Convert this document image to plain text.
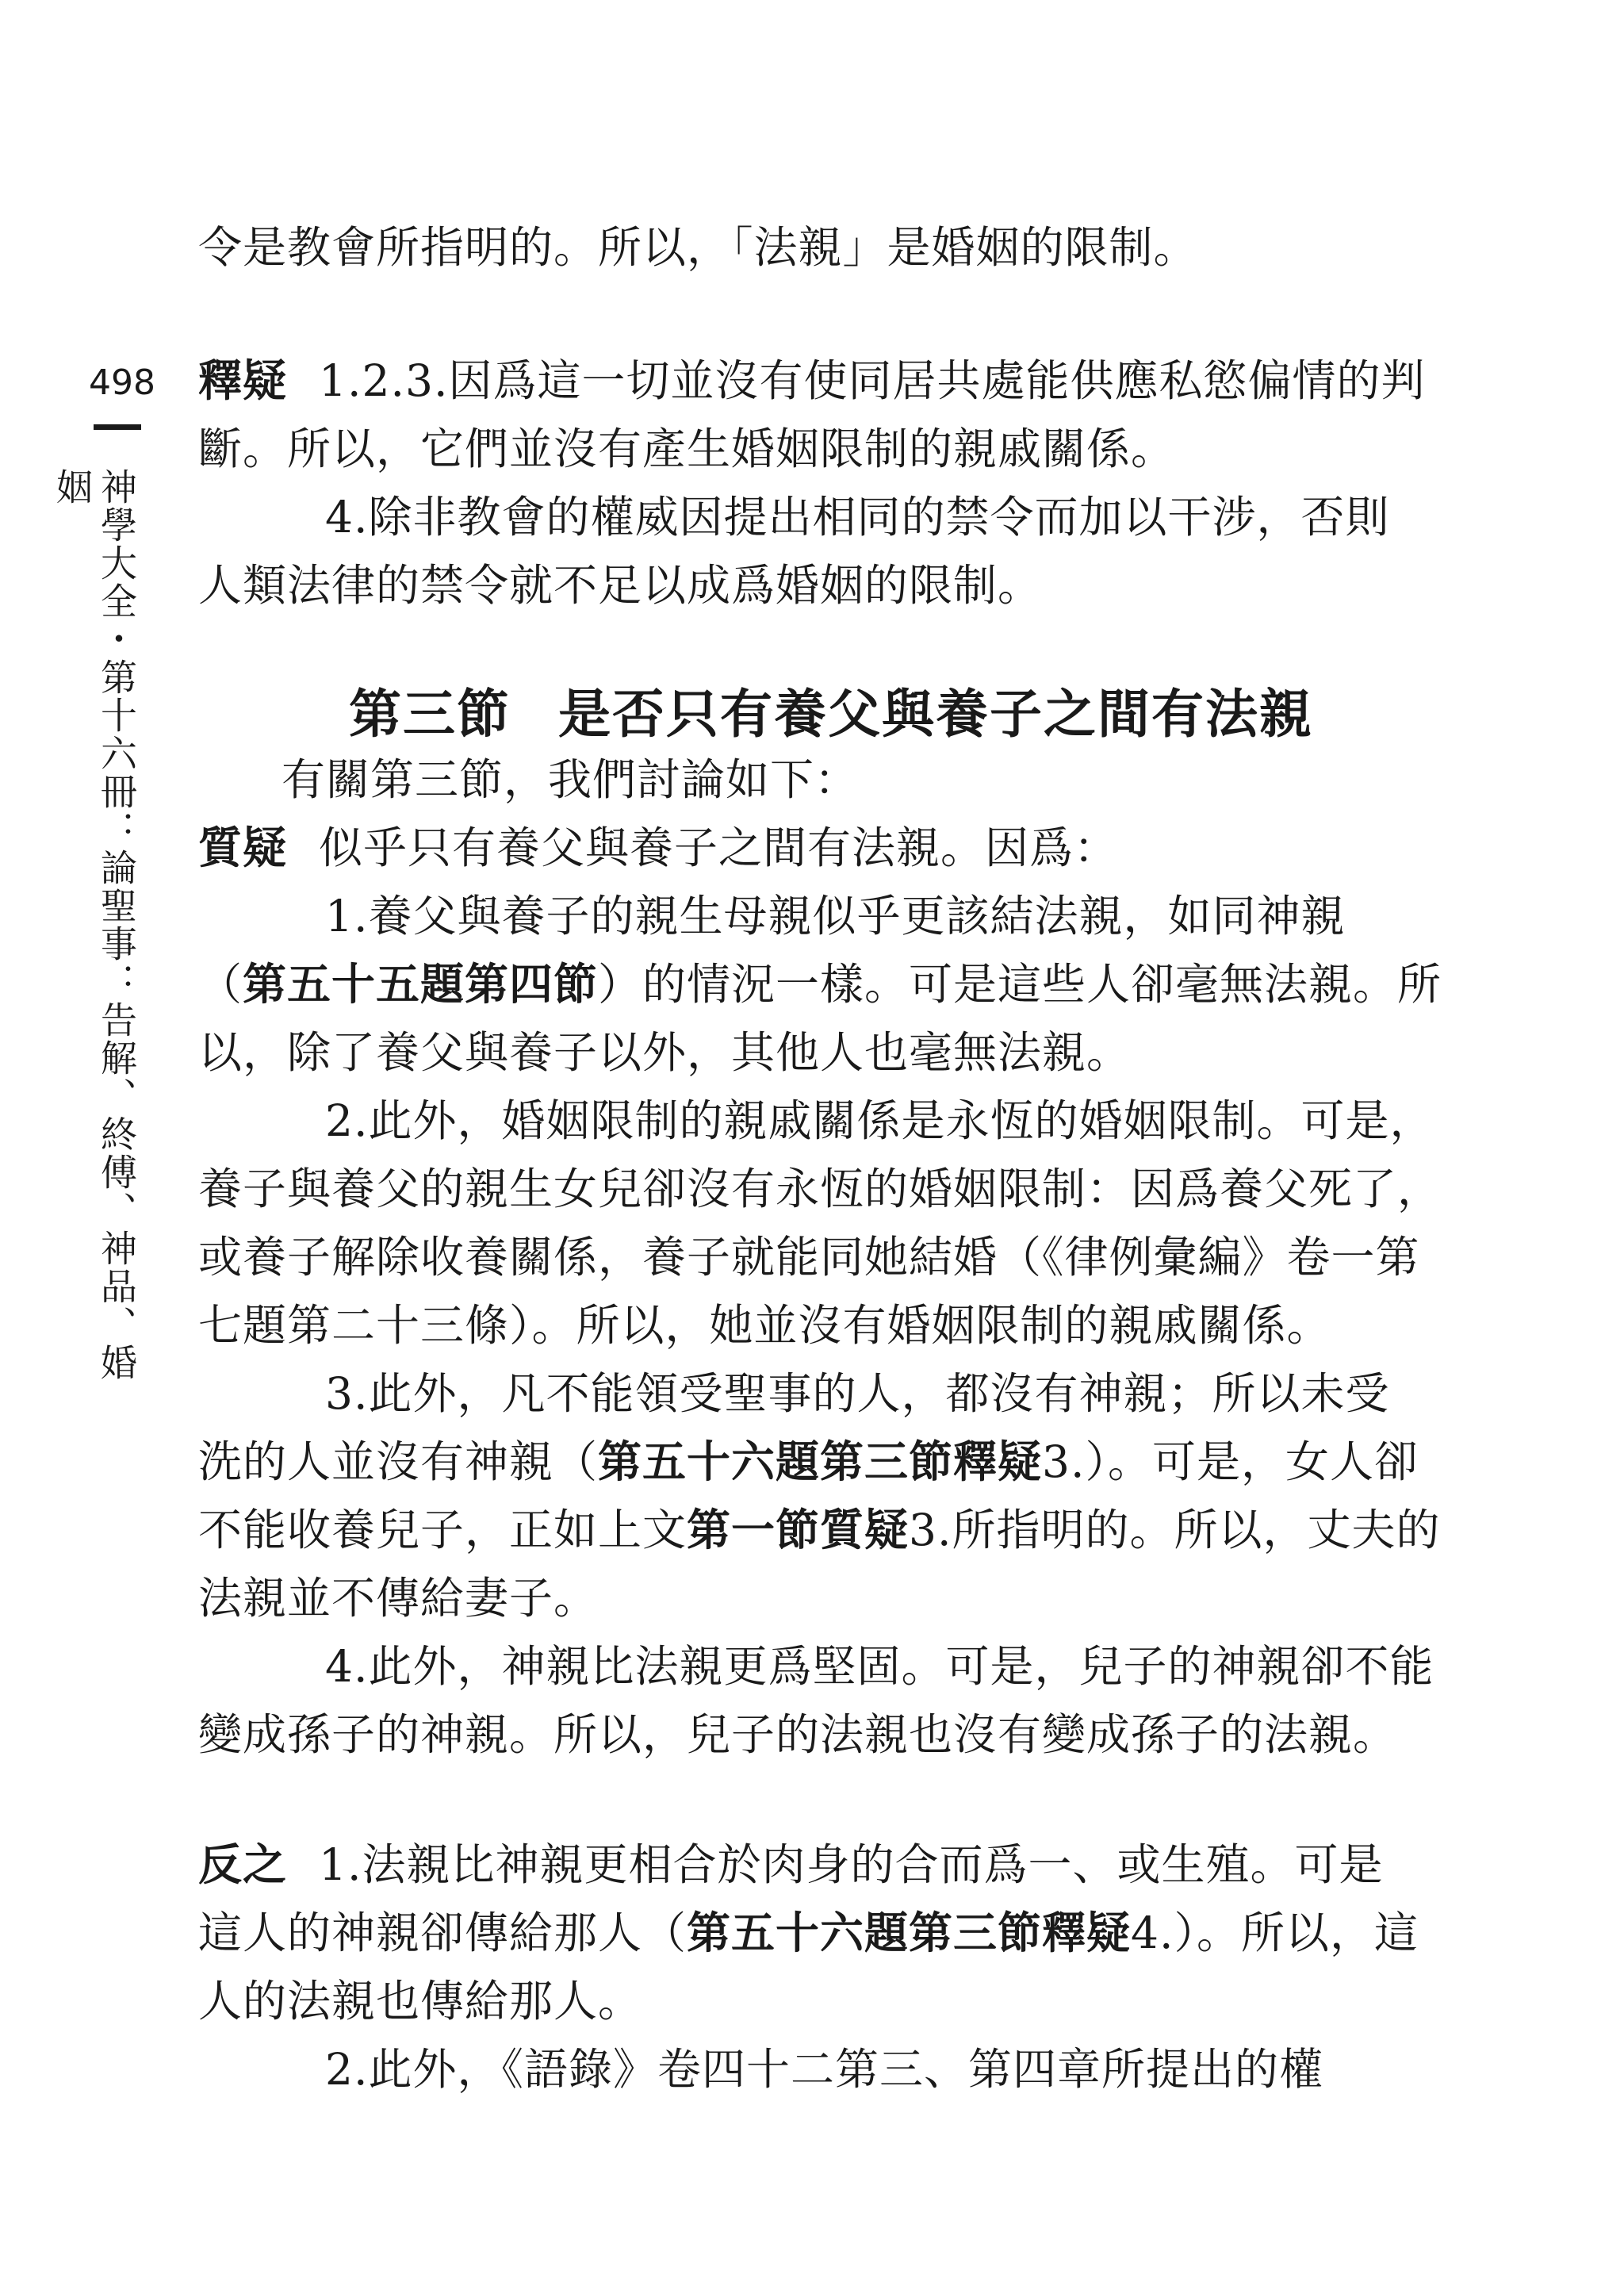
498
神學大全・第十六冊：論聖事：告解、終傅、神品、婚姻
令是教會所指明的。所以，「法親」是婚姻的限制。
釋疑 1.2.3.因爲這一切並沒有使同居共處能供應私慾偏情的判
斷。所以，它們並沒有產生婚姻限制的親戚關係。
4.除非教會的權威因提出相同的禁令而加以干涉，否則
人類法律的禁令就不足以成爲婚姻的限制。
第三節 是否只有養父與養子之間有法親
有關第三節，我們討論如下：
質疑 似乎只有養父與養子之間有法親。因爲：
1.養父與養子的親生母親似乎更該結法親，如同神親
（第五十五題第四節）的情況一樣。可是這些人卻毫無法親。所
以，除了養父與養子以外，其他人也毫無法親。
2.此外，婚姻限制的親戚關係是永恆的婚姻限制。可是，
養子與養父的親生女兒卻沒有永恆的婚姻限制：因爲養父死了，
或養子解除收養關係，養子就能同她結婚（《律例彙編》卷一第
七題第二十三條）。所以，她並沒有婚姻限制的親戚關係。
3.此外，凡不能領受聖事的人，都沒有神親；所以未受
洗的人並沒有神親（第五十六題第三節釋疑3.）。可是，女人卻
不能收養兒子，正如上文第一節質疑3.所指明的。所以，丈夫的
法親並不傳給妻子。
4.此外，神親比法親更爲堅固。可是，兒子的神親卻不能
變成孫子的神親。所以，兒子的法親也沒有變成孫子的法親。
反之 1.法親比神親更相合於肉身的合而爲一、或生殖。可是
這人的神親卻傳給那人（第五十六題第三節釋疑4.）。所以，這
人的法親也傳給那人。
2.此外，《語錄》卷四十二第三、第四章所提出的權
